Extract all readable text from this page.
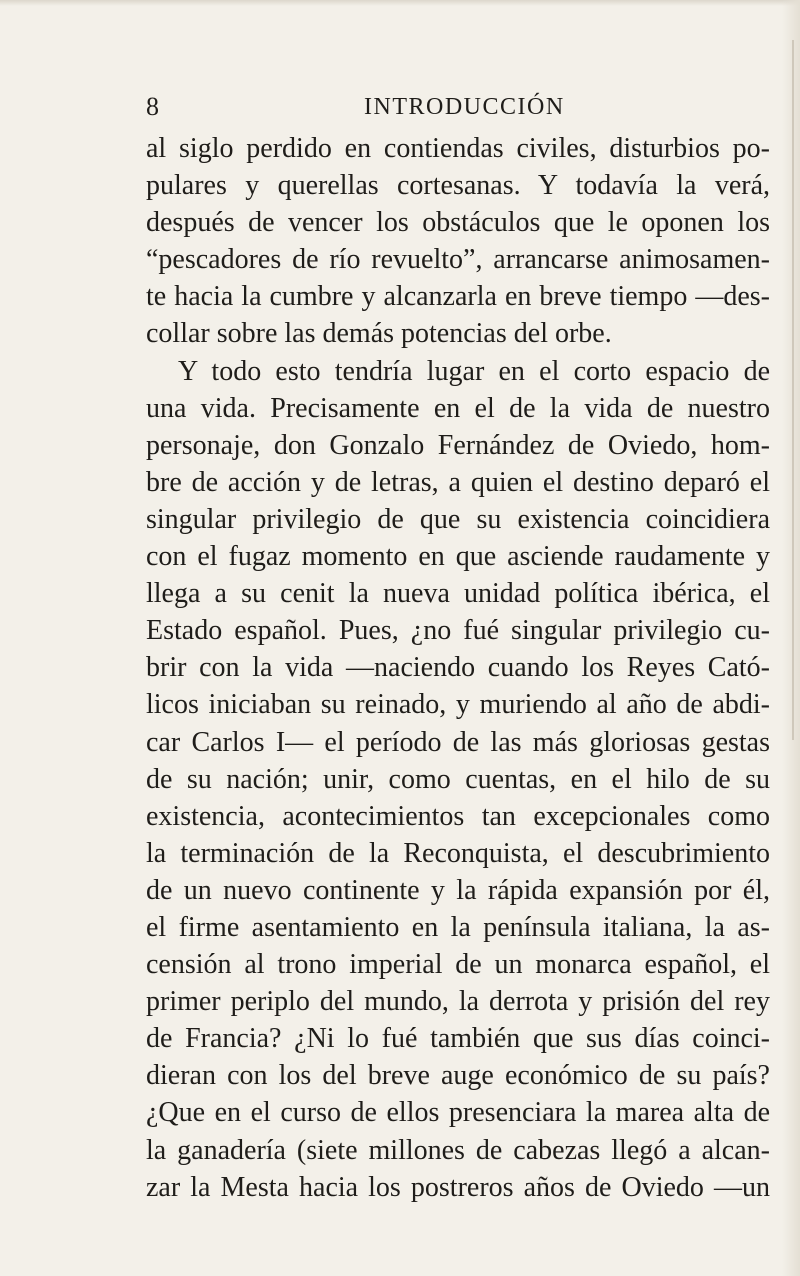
8	INTRODUCCIÓN
al siglo perdido en contiendas civiles, disturbios po-
pulares y querellas cortesanas. Y todavía la verá,
después de vencer los obstáculos que le oponen los
“pescadores de río revuelto”, arrancarse animosamen-
te hacia la cumbre y alcanzarla en breve tiempo —des-
collar sobre las demás potencias del orbe.
Y todo esto tendría lugar en el corto espacio de
una vida. Precisamente en el de la vida de nuestro
personaje, don Gonzalo Fernández de Oviedo, hom-
bre de acción y de letras, a quien el destino deparó el
singular privilegio de que su existencia coincidiera
con el fugaz momento en que asciende raudamente y
llega a su cenit la nueva unidad política ibérica, el
Estado español. Pues, ¿no fué singular privilegio cu-
brir con la vida —naciendo cuando los Reyes Cató-
licos iniciaban su reinado, y muriendo al año de abdi-
car Carlos I— el período de las más gloriosas gestas
de su nación; unir, como cuentas, en el hilo de su
existencia, acontecimientos tan excepcionales como
la terminación de la Reconquista, el descubrimiento
de un nuevo continente y la rápida expansión por él,
el firme asentamiento en la península italiana, la as-
censión al trono imperial de un monarca español, el
primer periplo del mundo, la derrota y prisión del rey
de Francia? ¿Ni lo fué también que sus días coinci-
dieran con los del breve auge económico de su país?
¿Que en el curso de ellos presenciara la marea alta de
la ganadería (siete millones de cabezas llegó a alcan-
zar la Mesta hacia los postreros años de Oviedo —un
